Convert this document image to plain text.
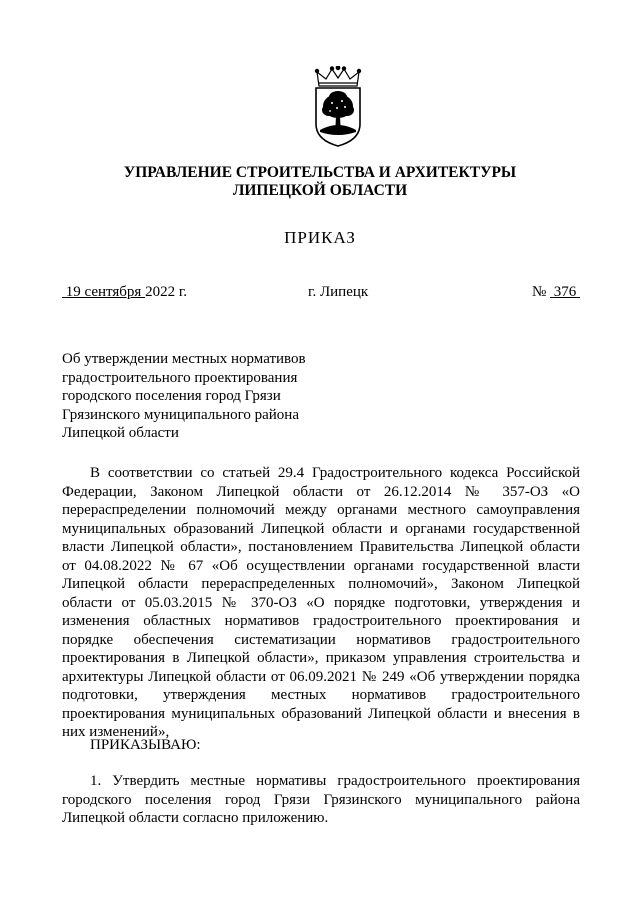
УПРАВЛЕНИЕ СТРОИТЕЛЬСТВА И АРХИТЕКТУРЫ
ЛИПЕЦКОЙ ОБЛАСТИ
ПРИКАЗ
19 сентября 2022 г.	г. Липецк	№ 376
Об утверждении местных нормативов
градостроительного проектирования
городского поселения город Грязи
Грязинского муниципального района
Липецкой области

В соответствии со статьей 29.4 Градостроительного кодекса Российской Федерации, Законом Липецкой области от 26.12.2014 № 357-ОЗ «О перераспределении полномочий между органами местного самоуправления муниципальных образований Липецкой области и органами государственной власти Липецкой области», постановлением Правительства Липецкой области от 04.08.2022 № 67 «Об осуществлении органами государственной власти Липецкой области перераспределенных полномочий», Законом Липецкой области от 05.03.2015 № 370-ОЗ «О порядке подготовки, утверждения и изменения областных нормативов градостроительного проектирования и порядке обеспечения систематизации нормативов градостроительного проектирования в Липецкой области», приказом управления строительства и архитектуры Липецкой области от 06.09.2021 № 249 «Об утверждении порядка подготовки, утверждения местных нормативов градостроительного проектирования муниципальных образований Липецкой области и внесения в них изменений»,

ПРИКАЗЫВАЮ:

1. Утвердить местные нормативы градостроительного проектирования городского поселения город Грязи Грязинского муниципального района Липецкой области согласно приложению.
